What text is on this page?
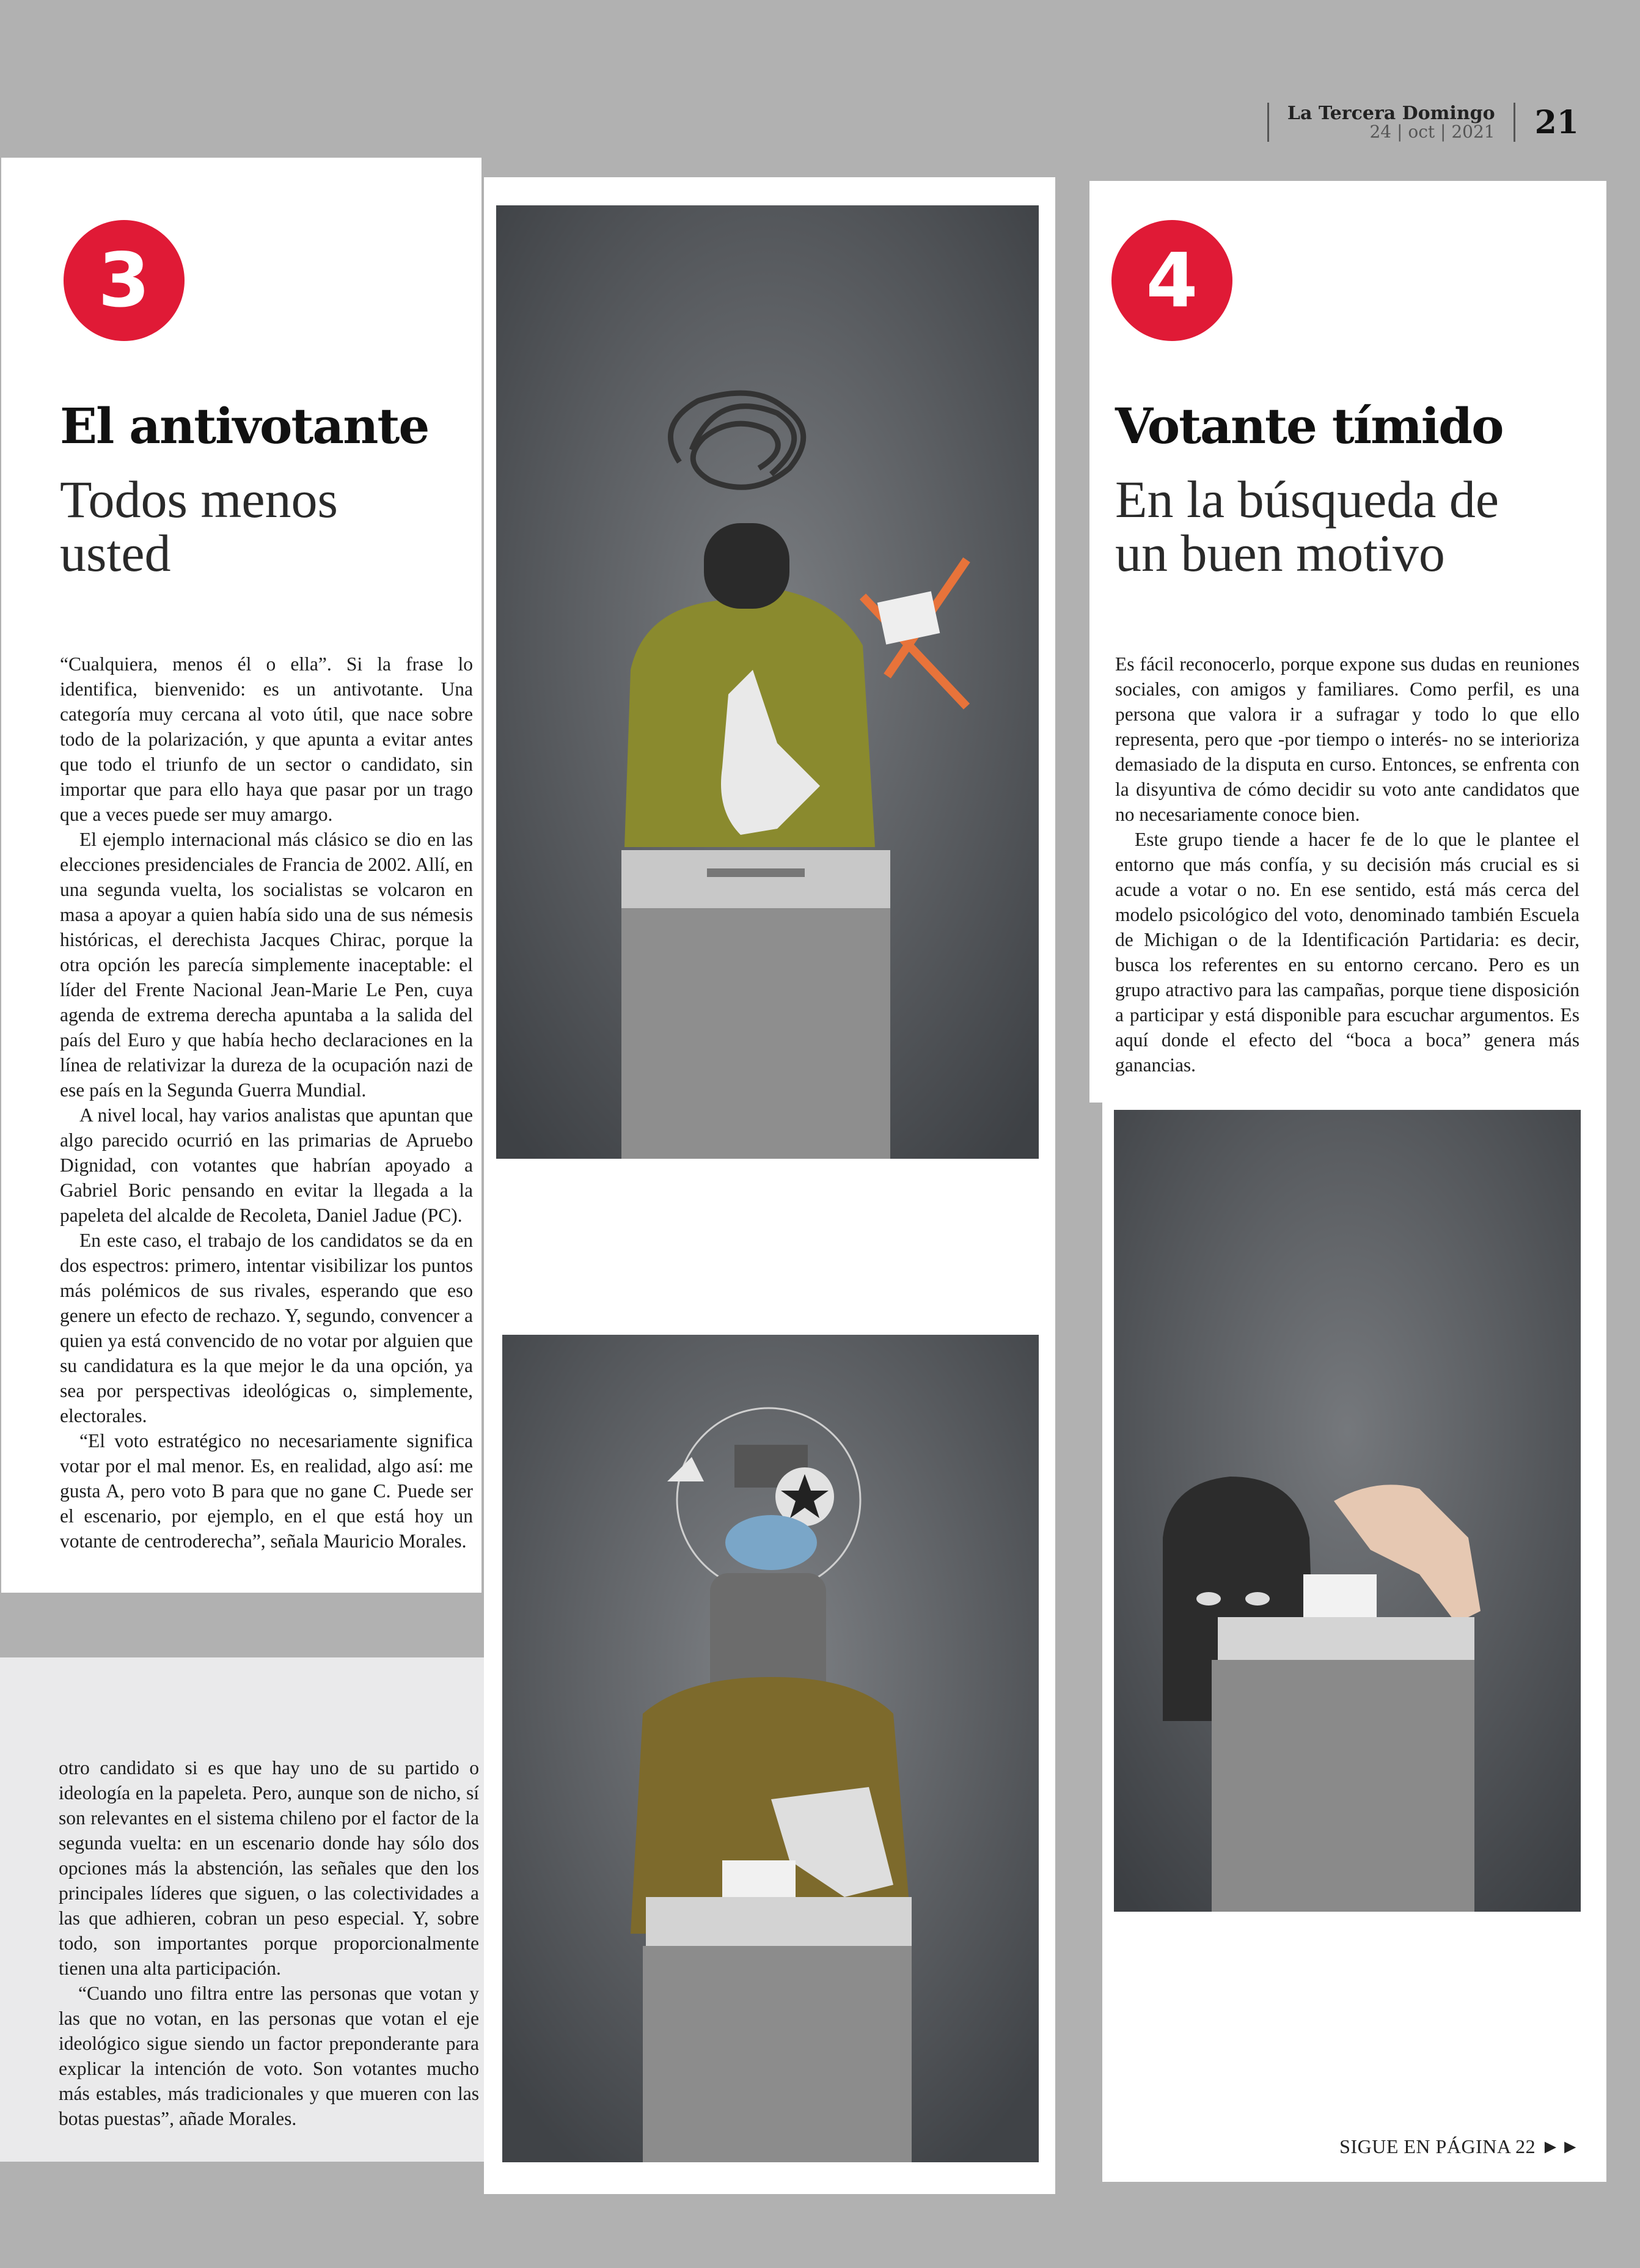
La Tercera Domingo
24 | oct | 2021	21
3
El antivotante
Todos menos
usted

“Cualquiera, menos él o ella”. Si la frase lo identifica, bienvenido: es un antivotante. Una categoría muy cercana al voto útil, que nace sobre todo de la polarización, y que apunta a evitar antes que todo el triunfo de un sector o candidato, sin importar que para ello haya que pasar por un trago que a veces puede ser muy amargo.

El ejemplo internacional más clásico se dio en las elecciones presidenciales de Francia de 2002. Allí, en una segunda vuelta, los socialistas se volcaron en masa a apoyar a quien había sido una de sus némesis históricas, el derechista Jacques Chirac, porque la otra opción les parecía simplemente inaceptable: el líder del Frente Nacional Jean-Marie Le Pen, cuya agenda de extrema derecha apuntaba a la salida del país del Euro y que había hecho declaraciones en la línea de relativizar la dureza de la ocupación nazi de ese país en la Segunda Guerra Mundial.

A nivel local, hay varios analistas que apuntan que algo parecido ocurrió en las primarias de Apruebo Dignidad, con votantes que habrían apoyado a Gabriel Boric pensando en evitar la llegada a la papeleta del alcalde de Recoleta, Daniel Jadue (PC).

En este caso, el trabajo de los candidatos se da en dos espectros: primero, intentar visibilizar los puntos más polémicos de sus rivales, esperando que eso genere un efecto de rechazo. Y, segundo, convencer a quien ya está convencido de no votar por alguien que su candidatura es la que mejor le da una opción, ya sea por perspectivas ideológicas o, simplemente, electorales.

“El voto estratégico no necesariamente significa votar por el mal menor. Es, en realidad, algo así: me gusta A, pero voto B para que no gane C. Puede ser el escenario, por ejemplo, en el que está hoy un votante de centroderecha”, señala Mauricio Morales.

otro candidato si es que hay uno de su partido o ideología en la papeleta. Pero, aunque son de nicho, sí son relevantes en el sistema chileno por el factor de la segunda vuelta: en un escenario donde hay sólo dos opciones más la abstención, las señales que den los principales líderes que siguen, o las colectividades a las que adhieren, cobran un peso especial. Y, sobre todo, son importantes porque proporcionalmente tienen una alta participación.

“Cuando uno filtra entre las personas que votan y las que no votan, en las personas que votan el eje ideológico sigue siendo un factor preponderante para explicar la intención de voto. Son votantes mucho más estables, más tradicionales y que mueren con las botas puestas”, añade Morales.

4
Votante tímido
En la búsqueda de
un buen motivo

Es fácil reconocerlo, porque expone sus dudas en reuniones sociales, con amigos y familiares. Como perfil, es una persona que valora ir a sufragar y todo lo que ello representa, pero que -por tiempo o interés- no se interioriza demasiado de la disputa en curso. Entonces, se enfrenta con la disyuntiva de cómo decidir su voto ante candidatos que no necesariamente conoce bien.

Este grupo tiende a hacer fe de lo que le plantee el entorno que más confía, y su decisión más crucial es si acude a votar o no. En ese sentido, está más cerca del modelo psicológico del voto, denominado también Escuela de Michigan o de la Identificación Partidaria: es decir, busca los referentes en su entorno cercano. Pero es un grupo atractivo para las campañas, porque tiene disposición a participar y está disponible para escuchar argumentos. Es aquí donde el efecto del “boca a boca” genera más ganancias.

SIGUE EN PÁGINA 22 ►►
